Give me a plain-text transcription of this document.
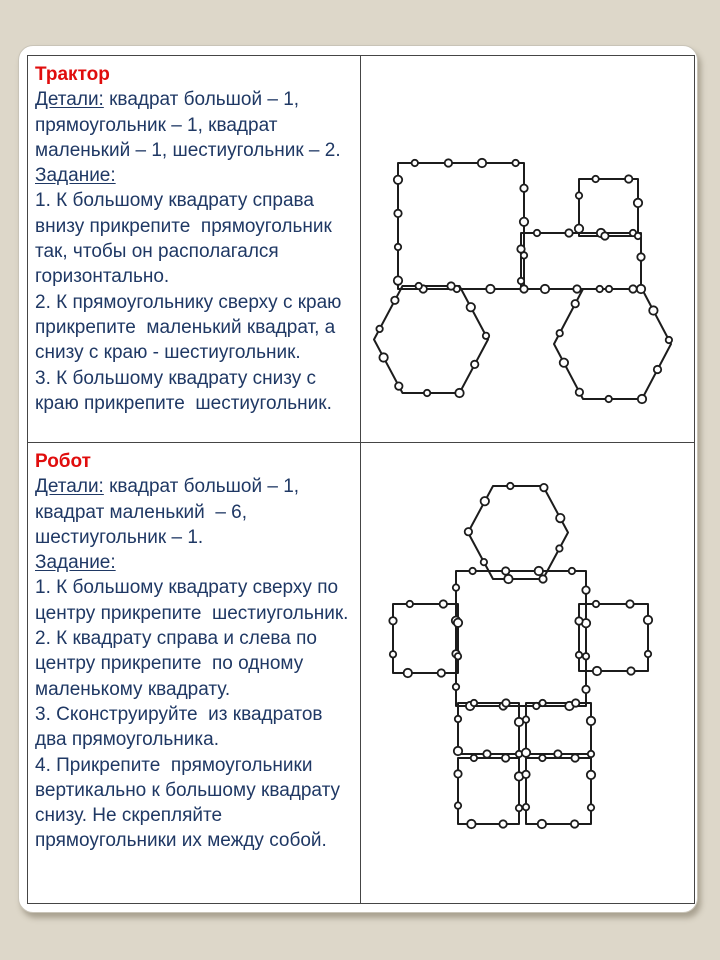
Трактор

Детали: квадрат большой – 1, прямоугольник – 1, квадрат маленький – 1, шестиугольник – 2.

Задание:

1. К большому квадрату справа внизу прикрепите  прямоугольник так, чтобы он располагался горизонтально.

2. К прямоугольнику сверху с краю прикрепите  маленький квадрат, а снизу с краю - шестиугольник.

3. К большому квадрату снизу с краю прикрепите  шестиугольник.

Робот

Детали: квадрат большой – 1, квадрат маленький  – 6, шестиугольник – 1.

Задание:

1. К большому квадрату сверху по центру прикрепите  шестиугольник.

2. К квадрату справа и слева по центру прикрепите  по одному маленькому квадрату.

3. Сконструируйте  из квадратов два прямоугольника.

4. Прикрепите  прямоугольники вертикально к большому квадрату снизу. Не скрепляйте прямоугольники их между собой.
